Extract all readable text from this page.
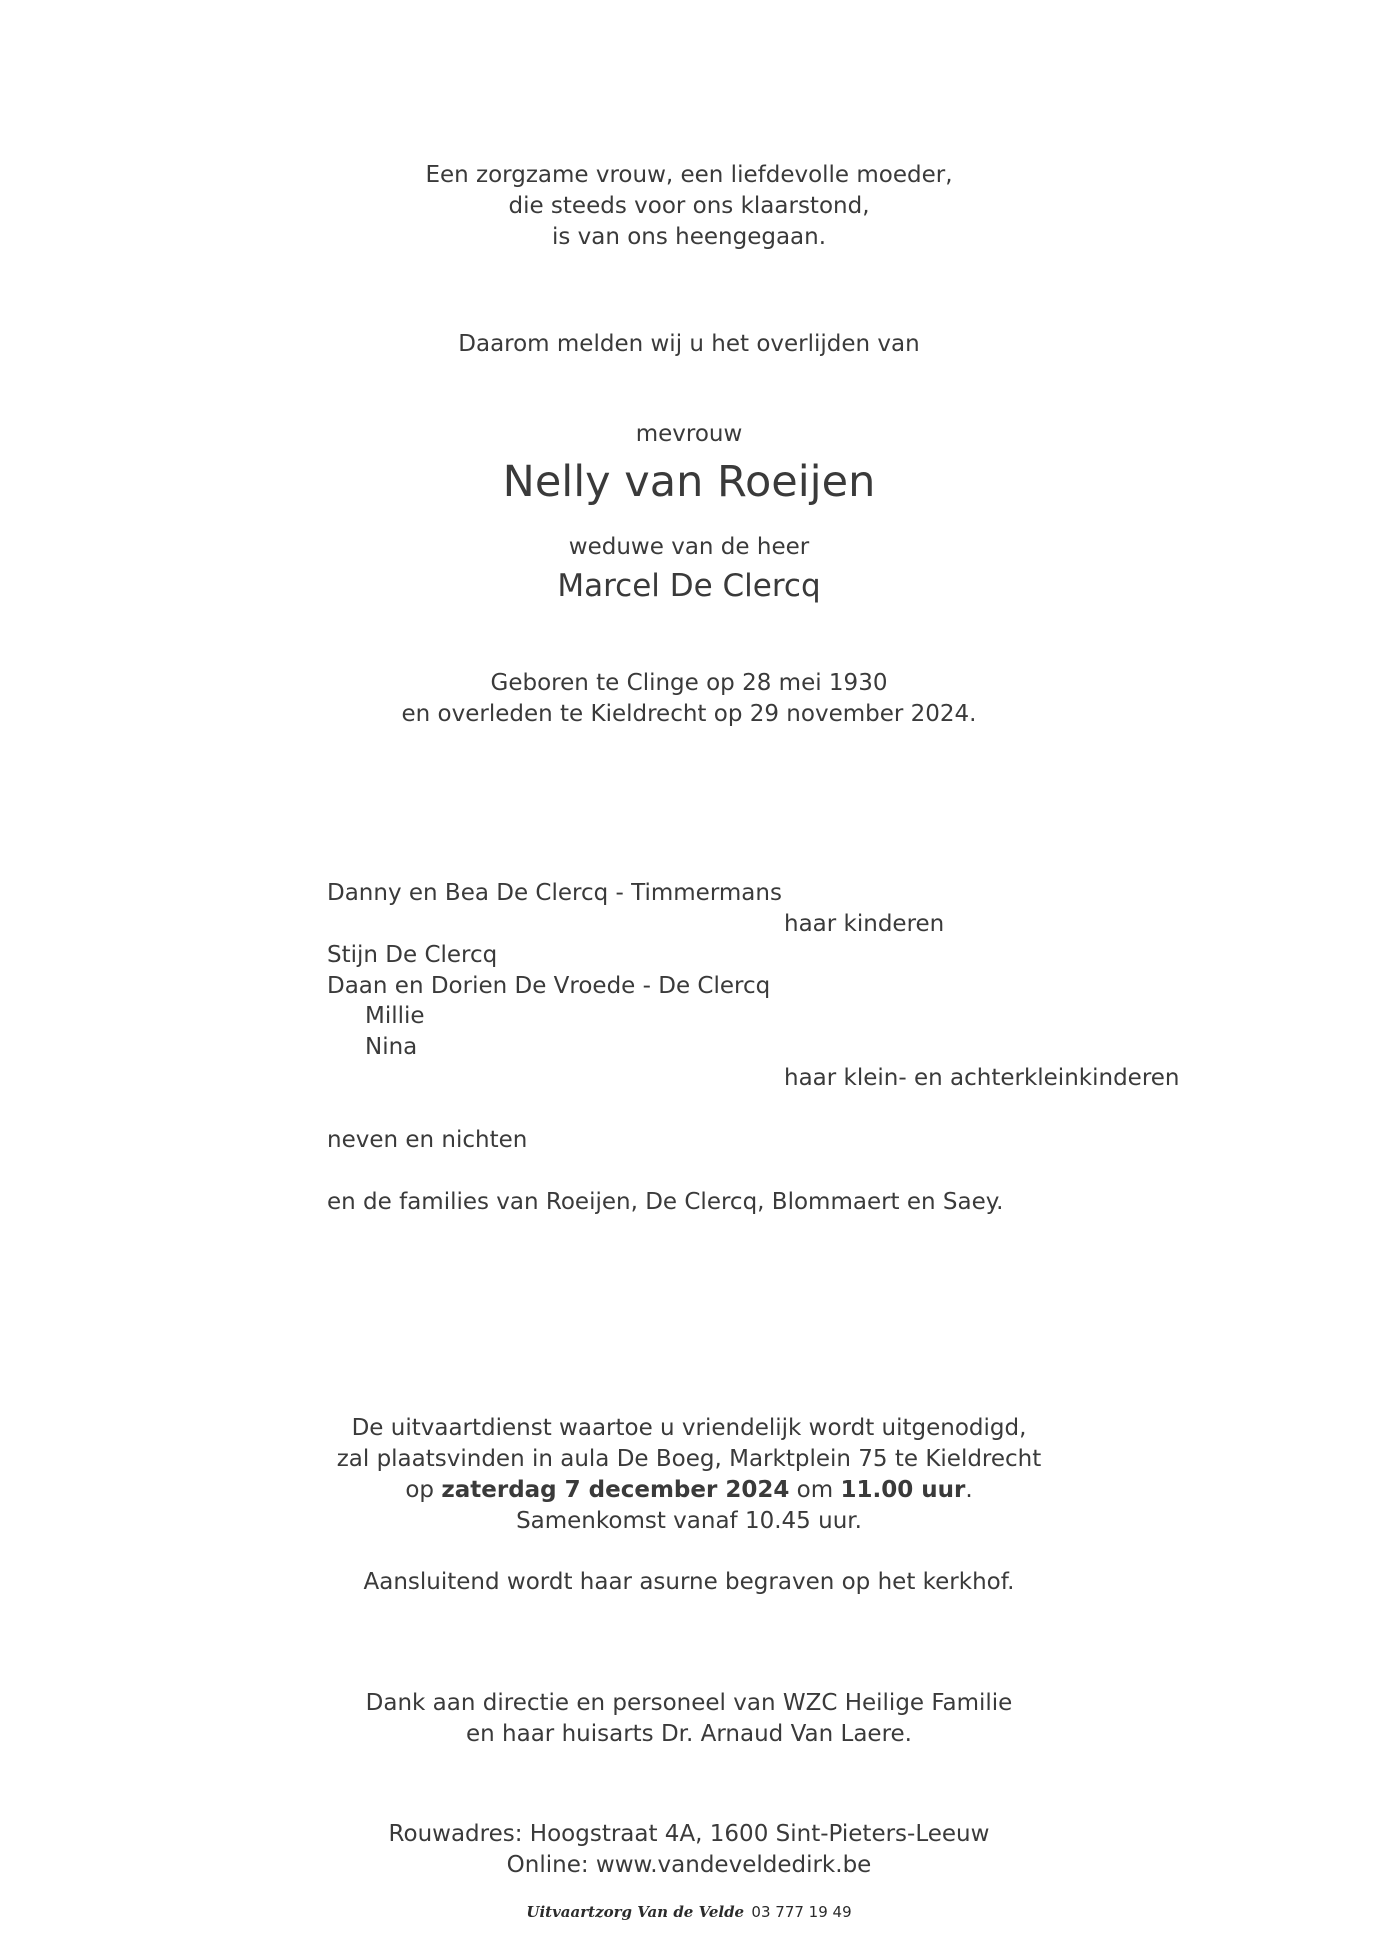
Een zorgzame vrouw, een liefdevolle moeder,
die steeds voor ons klaarstond,
is van ons heengegaan.
Daarom melden wij u het overlijden van
mevrouw
Nelly van Roeijen
weduwe van de heer
Marcel De Clercq
Geboren te Clinge op 28 mei 1930
en overleden te Kieldrecht op 29 november 2024.
Danny en Bea De Clercq - Timmermans
haar kinderen
Stijn De Clercq
Daan en Dorien De Vroede - De Clercq
Millie
Nina
haar klein- en achterkleinkinderen
neven en nichten
en de families van Roeijen, De Clercq, Blommaert en Saey.
De uitvaartdienst waartoe u vriendelijk wordt uitgenodigd,
zal plaatsvinden in aula De Boeg, Marktplein 75 te Kieldrecht
op zaterdag 7 december 2024 om 11.00 uur.
Samenkomst vanaf 10.45 uur.
Aansluitend wordt haar asurne begraven op het kerkhof.
Dank aan directie en personeel van WZC Heilige Familie
en haar huisarts Dr. Arnaud Van Laere.
Rouwadres: Hoogstraat 4A, 1600 Sint-Pieters-Leeuw
Online: www.vandeveldedirk.be
Uitvaartzorg Van de Velde 03 777 19 49
